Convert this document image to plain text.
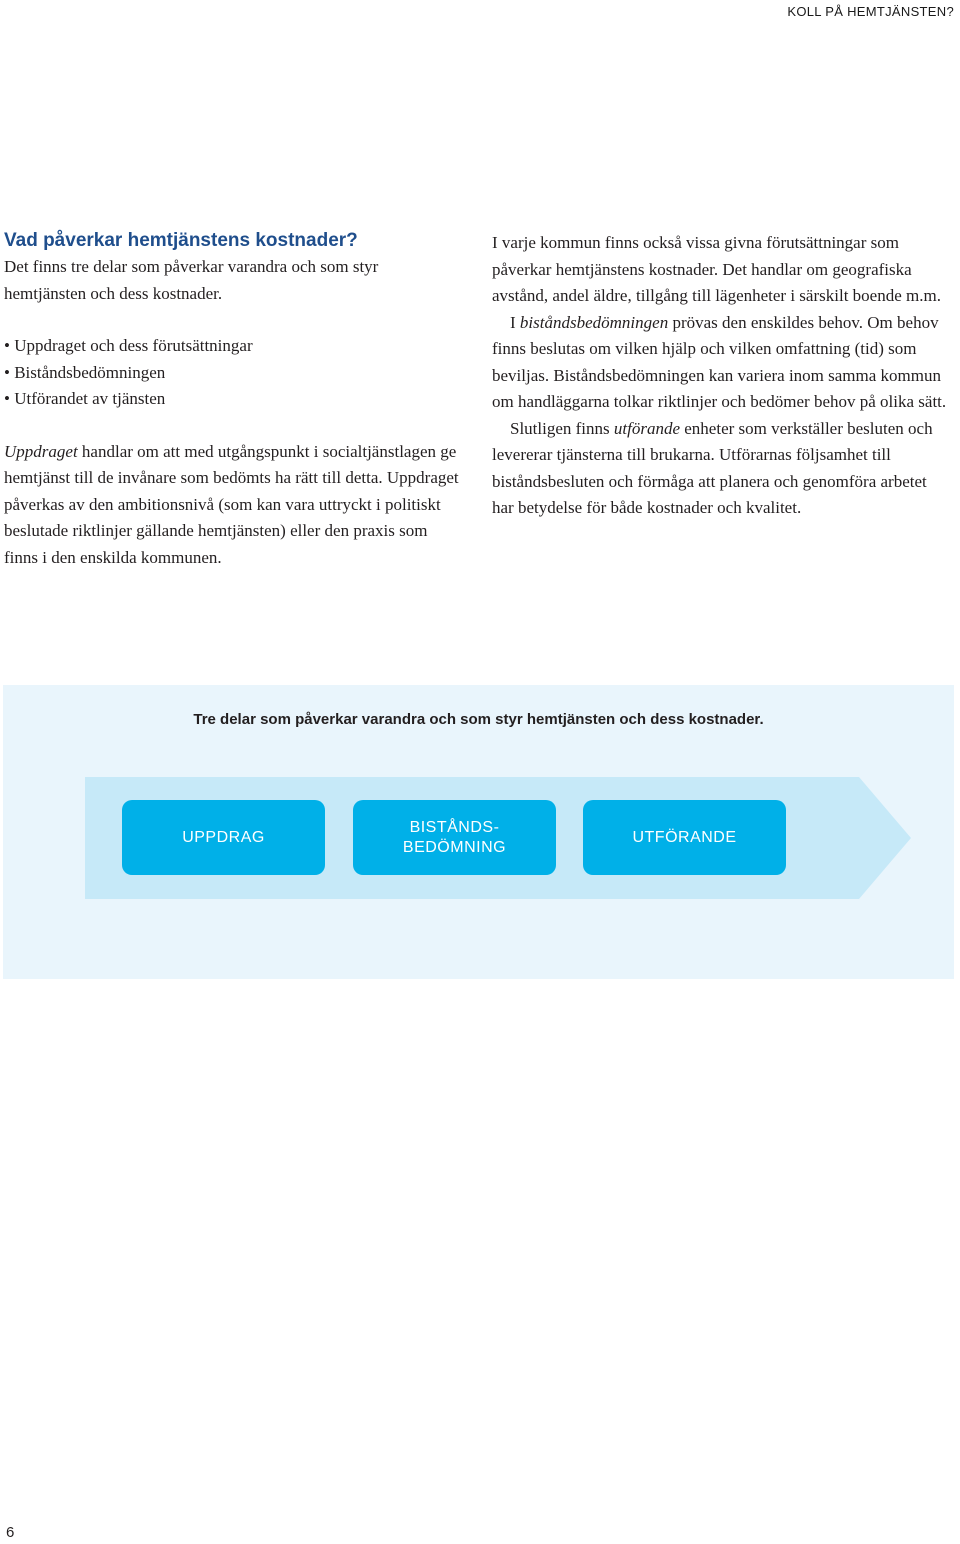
KOLL PÅ HEMTJÄNSTEN?
Vad påverkar hemtjänstens kostnader?

Det finns tre delar som påverkar varandra och som styr hemtjänsten och dess kostnader.

• Uppdraget och dess förutsättningar
• Biståndsbedömningen
• Utförandet av tjänsten

Uppdraget handlar om att med utgångspunkt i socialtjänstlagen ge hemtjänst till de invånare som bedömts ha rätt till detta. Uppdraget påverkas av den ambitionsnivå (som kan vara uttryckt i politiskt beslutade riktlinjer gällande hemtjänsten) eller den praxis som finns i den enskilda kommunen.

I varje kommun finns också vissa givna förutsättningar som påverkar hemtjänstens kostnader. Det handlar om geografiska avstånd, andel äldre, tillgång till lägenheter i särskilt boende m.m.

I biståndsbedömningen prövas den enskildes behov. Om behov finns beslutas om vilken hjälp och vilken omfattning (tid) som beviljas. Biståndsbedömningen kan variera inom samma kommun om handläggarna tolkar riktlinjer och bedömer behov på olika sätt.

Slutligen finns utförande enheter som verkställer besluten och levererar tjänsterna till brukarna. Utförarnas följsamhet till biståndsbesluten och förmåga att planera och genomföra arbetet har betydelse för både kostnader och kvalitet.

Tre delar som påverkar varandra och som styr hemtjänsten och dess kostnader.
UPPDRAG
BISTÅNDS-
BEDÖMNING
UTFÖRANDE
6
